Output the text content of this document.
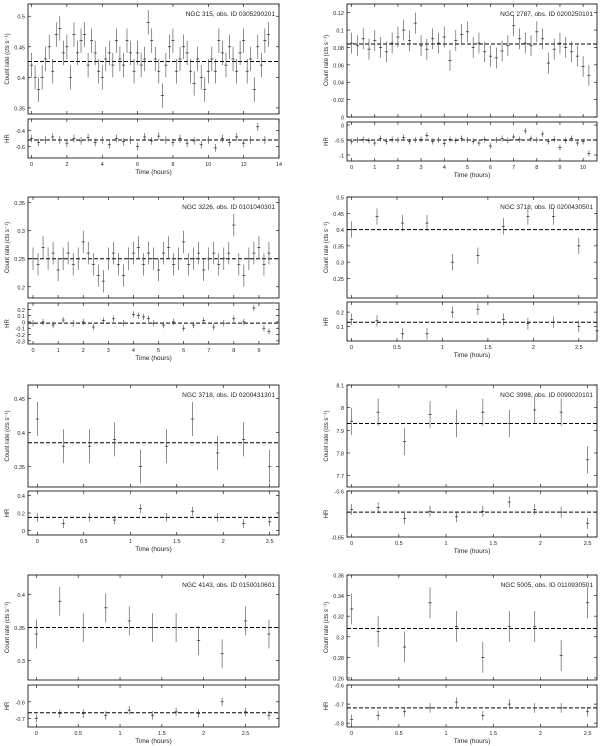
0.35
0.4
0.45
0.5
Count rate (cts s⁻¹)
-0.4
-0.6
0	2	4	6	8	10	12	14
HR
NGC 315, obs. ID 0305290201
Time (hours)
0
0.02
0.04
0.06
0.08
0.1
0.12
Count rate (cts s⁻¹)
0
-0.5
-1
0	1	2	3	4	5	6	7	8	9	10
HR
NGC 2787, obs. ID 0200250101
Time (hours)
0.2
0.25
0.3
0.35
Count rate (cts s⁻¹)
0.2
0.1
0
-0.1
-0.2
-0.3
0	1	2	3	4	5	6	7	8	9
HR
NGC 3226, obs. ID 0101040301
Time (hours)
0.25
0.3
0.35
0.4
0.45
0.5
Count rate (cts s⁻¹)
0.2
0.1
0	0.5	1	1.5	2	2.5
HR
NGC 3718, obs. ID 0200430501
Time (hours)
0.35
0.4
0.45
Count rate (cts s⁻¹)
0.4
0.2
0
0	0.5	1	1.5	2	2.5
HR
NGC 3718, obs. ID 0200431301
Time (hours)
7.7
7.8
7.9
8
8.1
Count rate (cts s⁻¹)
-0.6
-0.65
0	0.5	1	1.5	2	2.5
HR
NGC 3998, obs. ID 0090020101
Time (hours)
0.3
0.35
0.4
Count rate (cts s⁻¹)
-0.6
-0.7
0	0.5	1	1.5	2	2.5
HR
NGC 4143, obs. ID 0150010601
Time (hours)
0.26
0.28
0.3
0.32
0.34
0.36
Count rate (cts s⁻¹)
-0.6
-0.7
-0.8
0	0.5	1	1.5	2	2.5
HR
NGC 5005, obs. ID 0110930501
Time (hours)
